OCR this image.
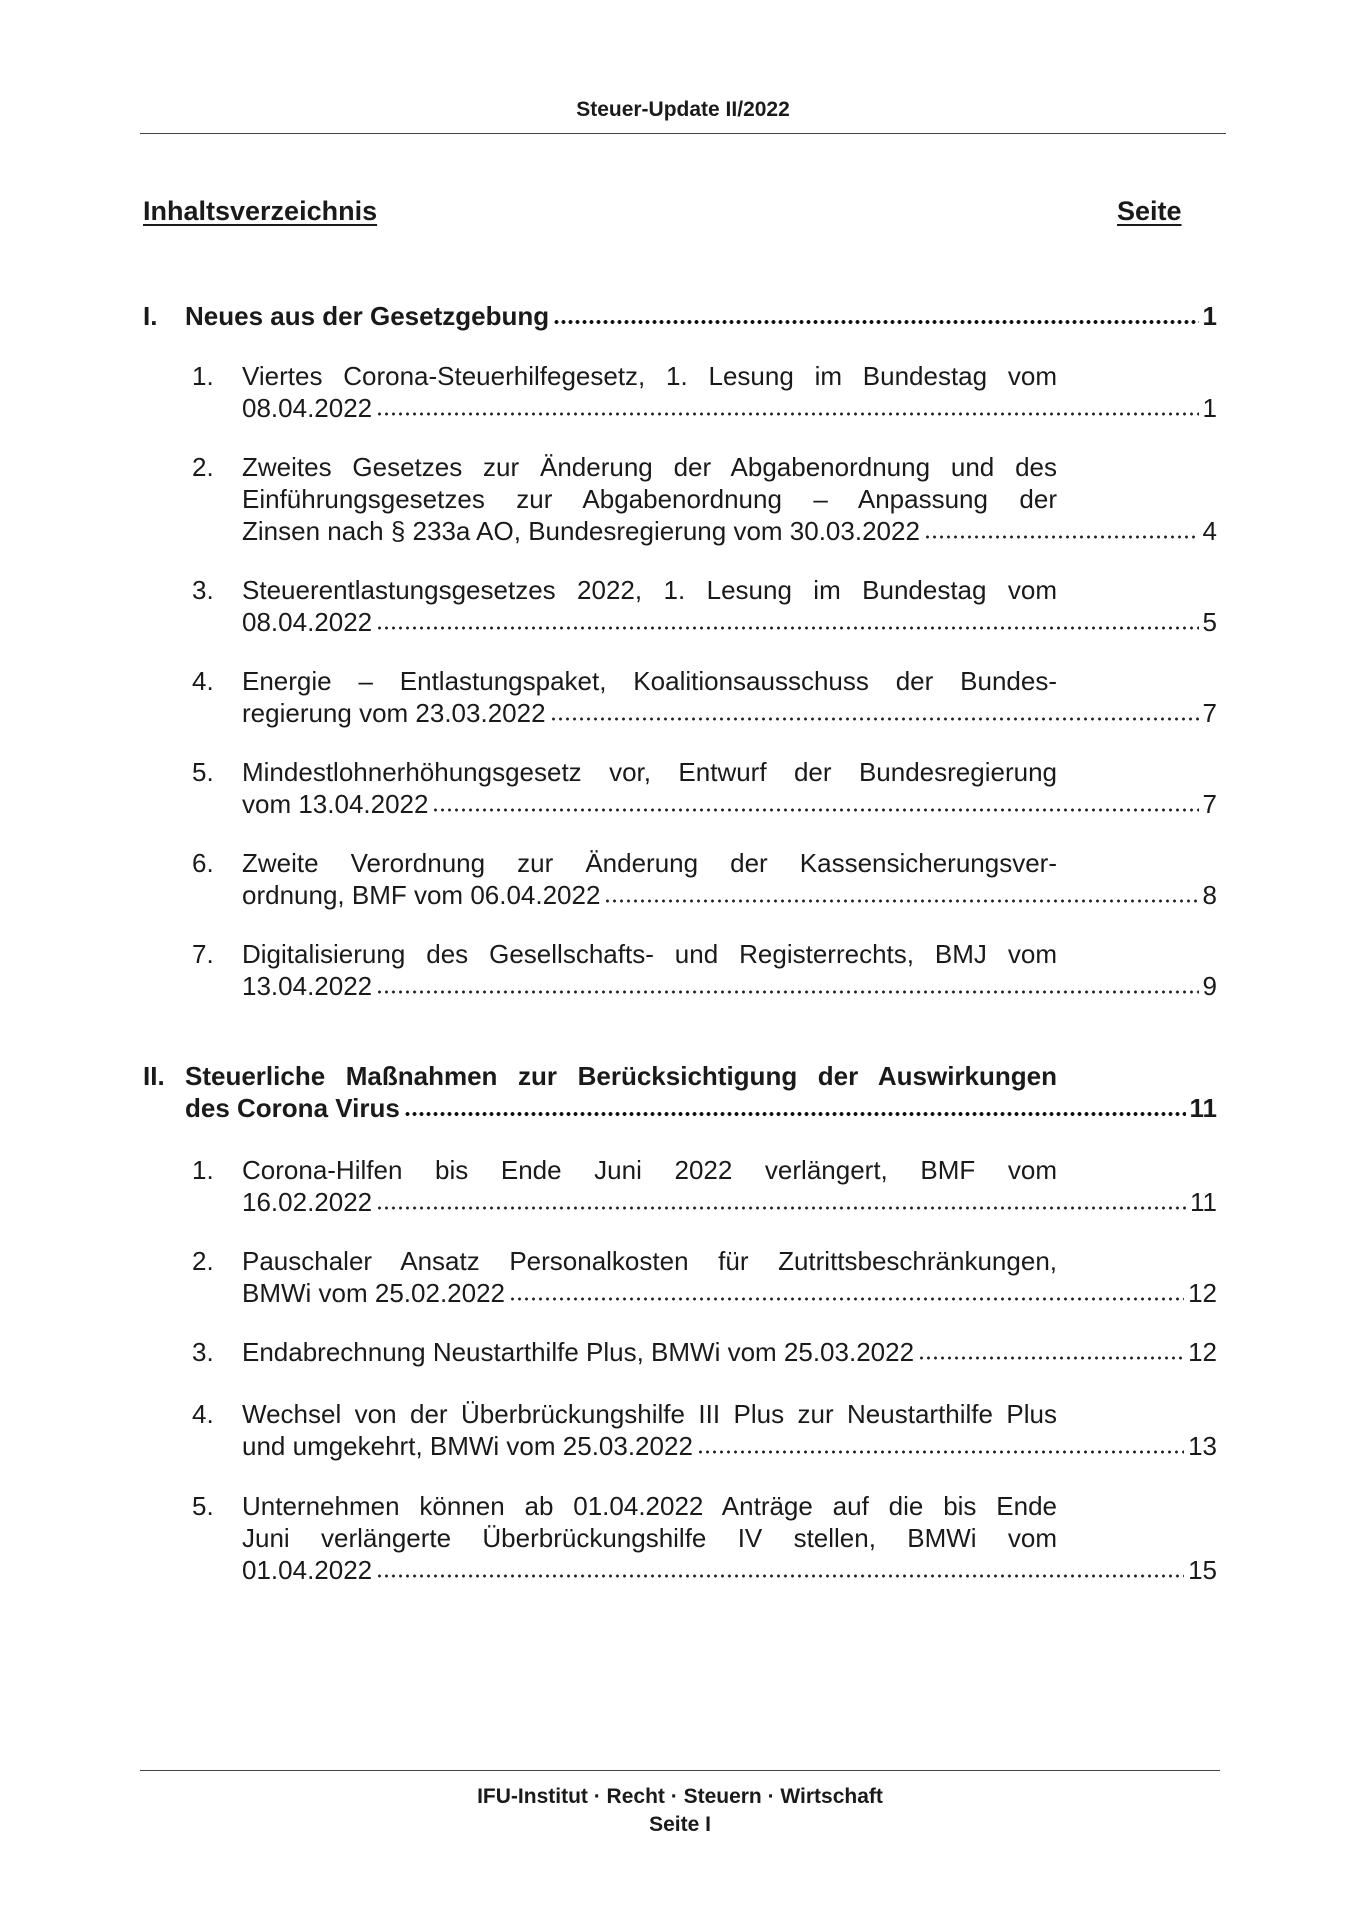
Steuer-Update II/2022
Inhaltsverzeichnis	Seite
I. Neues aus der Gesetzgebung	1
1. Viertes Corona-Steuerhilfegesetz, 1. Lesung im Bundestag vom
08.04.2022	1
2. Zweites Gesetzes zur Änderung der Abgabenordnung und des
Einführungsgesetzes zur Abgabenordnung – Anpassung der
Zinsen nach § 233a AO, Bundesregierung vom 30.03.2022	4
3. Steuerentlastungsgesetzes 2022, 1. Lesung im Bundestag vom
08.04.2022	5
4. Energie – Entlastungspaket, Koalitionsausschuss der Bundes-
regierung vom 23.03.2022	7
5. Mindestlohnerhöhungsgesetz vor, Entwurf der Bundesregierung
vom 13.04.2022	7
6. Zweite Verordnung zur Änderung der Kassensicherungsver-
ordnung, BMF vom 06.04.2022	8
7. Digitalisierung des Gesellschafts- und Registerrechts, BMJ vom
13.04.2022	9
II. Steuerliche Maßnahmen zur Berücksichtigung der Auswirkungen
des Corona Virus	11
1. Corona-Hilfen bis Ende Juni 2022 verlängert, BMF vom
16.02.2022	11
2. Pauschaler Ansatz Personalkosten für Zutrittsbeschränkungen,
BMWi vom 25.02.2022	12
3. Endabrechnung Neustarthilfe Plus, BMWi vom 25.03.2022	12
4. Wechsel von der Überbrückungshilfe III Plus zur Neustarthilfe Plus
und umgekehrt, BMWi vom 25.03.2022	13
5. Unternehmen können ab 01.04.2022 Anträge auf die bis Ende
Juni verlängerte Überbrückungshilfe IV stellen, BMWi vom
01.04.2022	15
IFU-Institut · Recht · Steuern · Wirtschaft
Seite I
